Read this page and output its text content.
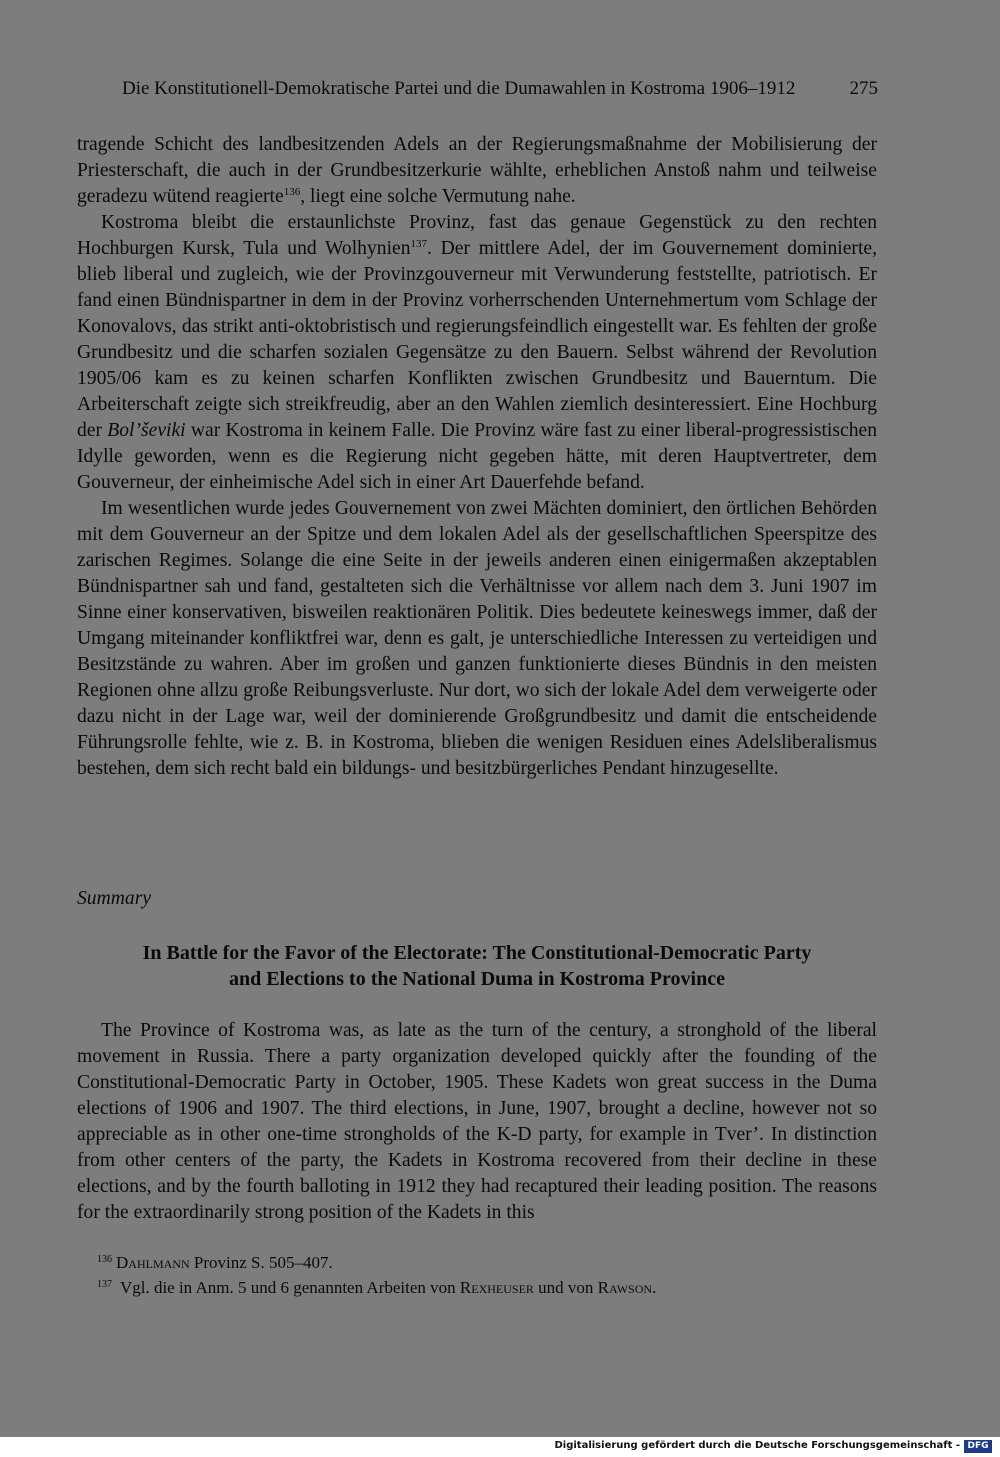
Die Konstitutionell-Demokratische Partei und die Dumawahlen in Kostroma 1906–1912	275

tragende Schicht des landbesitzenden Adels an der Regierungsmaßnahme der Mobilisierung der Priesterschaft, die auch in der Grundbesitzerkurie wählte, erheblichen Anstoß nahm und teilweise geradezu wütend reagierte$^{136}$, liegt eine solche Vermutung nahe.

Kostroma bleibt die erstaunlichste Provinz, fast das genaue Gegenstück zu den rechten Hochburgen Kursk, Tula und Wolhynien$^{137}$. Der mittlere Adel, der im Gouvernement dominierte, blieb liberal und zugleich, wie der Provinzgouverneur mit Verwunderung feststellte, patriotisch. Er fand einen Bündnispartner in dem in der Provinz vorherrschenden Unternehmertum vom Schlage der Konovalovs, das strikt anti-oktobristisch und regierungsfeindlich eingestellt war. Es fehlten der große Grundbesitz und die scharfen sozialen Gegensätze zu den Bauern. Selbst während der Revolution 1905/06 kam es zu keinen scharfen Konflikten zwischen Grundbesitz und Bauerntum. Die Arbeiterschaft zeigte sich streikfreudig, aber an den Wahlen ziemlich desinteressiert. Eine Hochburg der Bol’ševiki war Kostroma in keinem Falle. Die Provinz wäre fast zu einer liberal-progressistischen Idylle geworden, wenn es die Regierung nicht gegeben hätte, mit deren Hauptvertreter, dem Gouverneur, der einheimische Adel sich in einer Art Dauerfehde befand.

Im wesentlichen wurde jedes Gouvernement von zwei Mächten dominiert, den örtlichen Behörden mit dem Gouverneur an der Spitze und dem lokalen Adel als der gesellschaftlichen Speerspitze des zarischen Regimes. Solange die eine Seite in der jeweils anderen einen einigermaßen akzeptablen Bündnispartner sah und fand, gestalteten sich die Verhältnisse vor allem nach dem 3. Juni 1907 im Sinne einer konservativen, bisweilen reaktionären Politik. Dies bedeutete keineswegs immer, daß der Umgang miteinander konfliktfrei war, denn es galt, je unterschiedliche Interessen zu verteidigen und Besitzstände zu wahren. Aber im großen und ganzen funktionierte dieses Bündnis in den meisten Regionen ohne allzu große Reibungsverluste. Nur dort, wo sich der lokale Adel dem verweigerte oder dazu nicht in der Lage war, weil der dominierende Großgrundbesitz und damit die entscheidende Führungsrolle fehlte, wie z. B. in Kostroma, blieben die wenigen Residuen eines Adelsliberalismus bestehen, dem sich recht bald ein bildungs- und besitzbürgerliches Pendant hinzugesellte.

Summary
In Battle for the Favor of the Electorate: The Constitutional-Democratic Party
and Elections to the National Duma in Kostroma Province

The Province of Kostroma was, as late as the turn of the century, a stronghold of the liberal movement in Russia. There a party organization developed quickly after the founding of the Constitutional-Democratic Party in October, 1905. These Kadets won great success in the Duma elections of 1906 and 1907. The third elections, in June, 1907, brought a decline, however not so appreciable as in other one-time strongholds of the K-D party, for example in Tver’. In distinction from other centers of the party, the Kadets in Kostroma recovered from their decline in these elections, and by the fourth balloting in 1912 they had recaptured their leading position. The reasons for the extraordinarily strong position of the Kadets in this

$^{136}$ Dahlmann Provinz S. 505–407.
$^{137}$ Vgl. die in Anm. 5 und 6 genannten Arbeiten von Rexheuser und von Rawson.
Digitalisierung gefördert durch die Deutsche Forschungsgemeinschaft - DFG
